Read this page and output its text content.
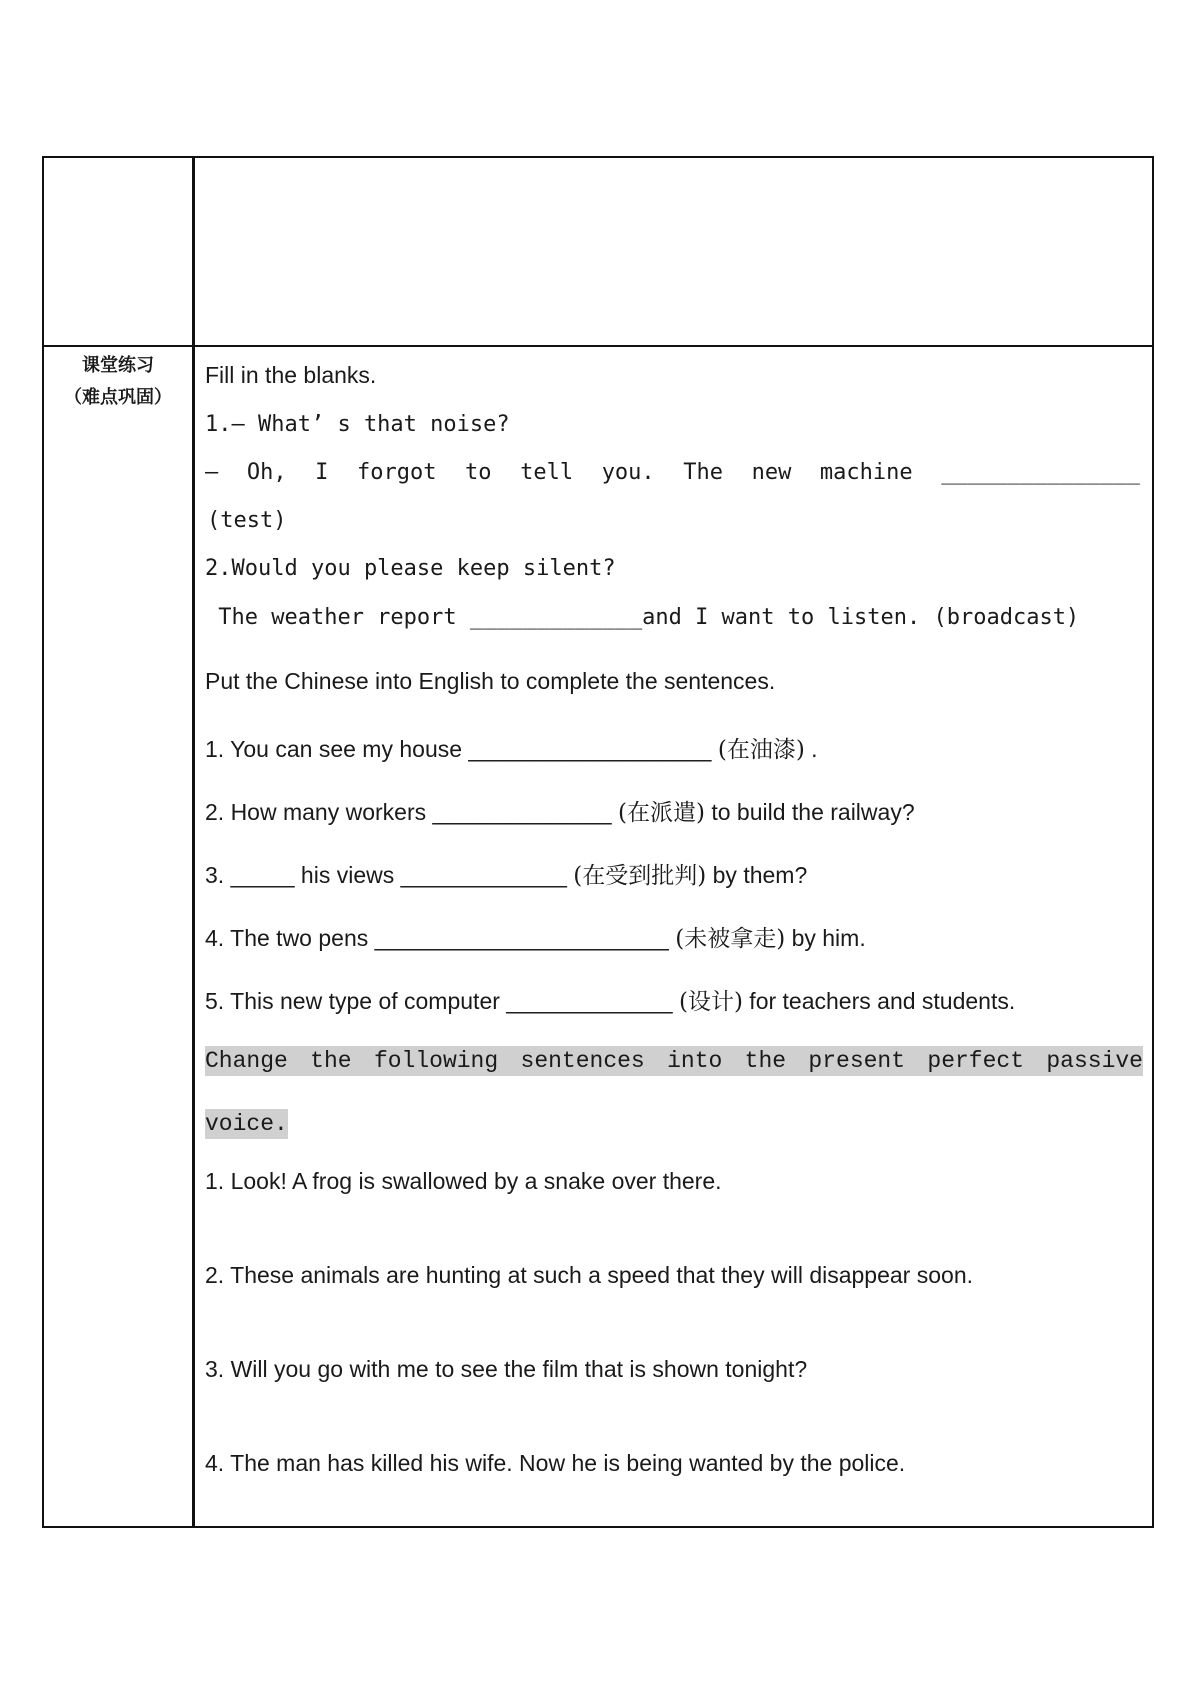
课堂练习
（难点巩固）
Fill in the blanks.
1.— What’ s that noise?
— Oh, I forgot to tell you. The new machine _______________
(test)
2.Would you please keep silent?
The weather report _____________and I want to listen. (broadcast)
Put the Chinese into English to complete the sentences.
1. You can see my house ___________________ (在油漆) .
2. How many workers ______________ (在派遣) to build the railway?
3. _____ his views _____________ (在受到批判) by them?
4. The two pens _______________________ (未被拿走) by him.
5. This new type of computer _____________ (设计) for teachers and students.
Change the following sentences into the present perfect passive
voice.
1. Look! A frog is swallowed by a snake over there.
2. These animals are hunting at such a speed that they will disappear soon.
3. Will you go with me to see the film that is shown tonight?
4. The man has killed his wife. Now he is being wanted by the police.
